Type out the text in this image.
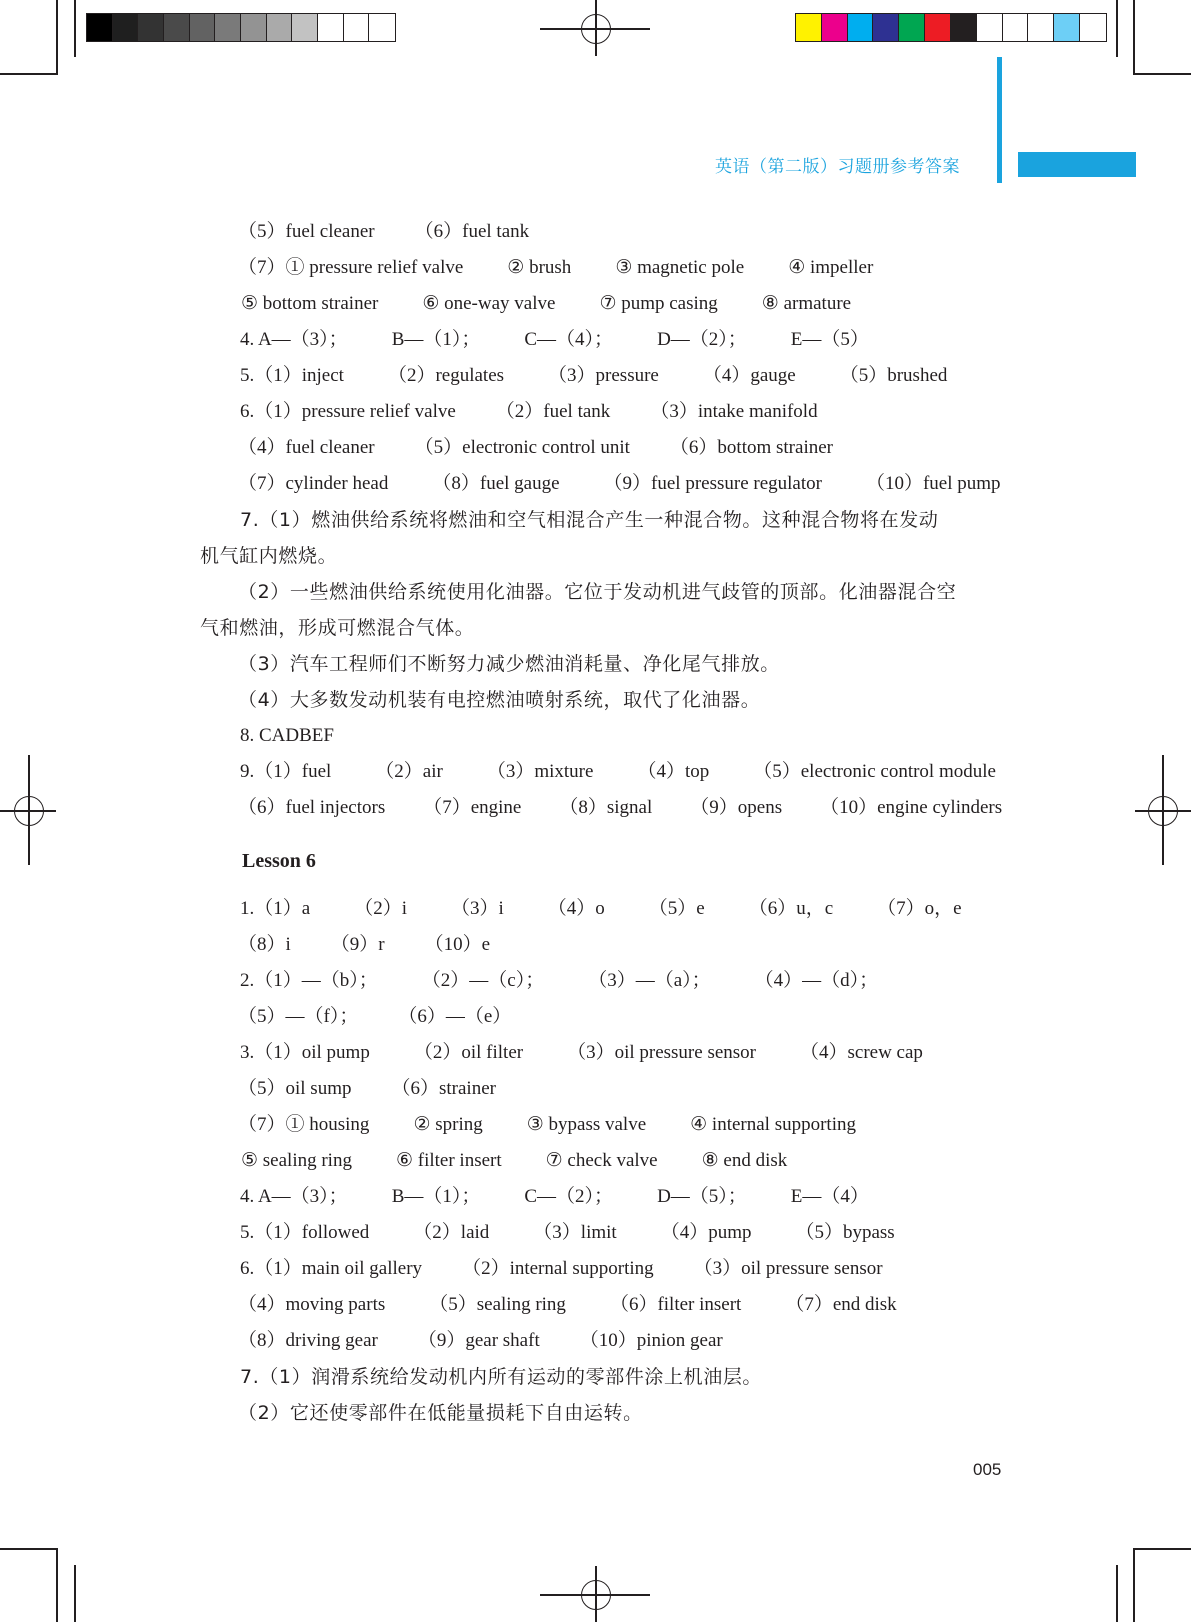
英语（第二版）习题册参考答案
（5）fuel cleaner （6）fuel tank
（7）① pressure relief valve ② brush ③ magnetic pole ④ impeller
⑤ bottom strainer ⑥ one-way valve ⑦ pump casing ⑧ armature
4. A—（3）； B—（1）； C—（4）； D—（2）； E—（5）
5.（1）inject （2）regulates （3）pressure （4）gauge （5）brushed
6.（1）pressure relief valve （2）fuel tank （3）intake manifold
（4）fuel cleaner （5）electronic control unit （6）bottom strainer
（7）cylinder head （8）fuel gauge （9）fuel pressure regulator （10）fuel pump
7.（1）燃油供给系统将燃油和空气相混合产生一种混合物。这种混合物将在发动
机气缸内燃烧。
（2）一些燃油供给系统使用化油器。它位于发动机进气歧管的顶部。化油器混合空
气和燃油，形成可燃混合气体。
（3）汽车工程师们不断努力减少燃油消耗量、净化尾气排放。
（4）大多数发动机装有电控燃油喷射系统，取代了化油器。
8. CADBEF
9.（1）fuel （2）air （3）mixture （4）top （5）electronic control module
（6）fuel injectors （7）engine （8）signal （9）opens （10）engine cylinders
1.（1）a （2）i （3）i （4）o （5）e （6）u，c （7）o，e
（8）i （9）r （10）e
2.（1）—（b）； （2）—（c）； （3）—（a）； （4）—（d）；
（5）—（f）； （6）—（e）
3.（1）oil pump （2）oil filter （3）oil pressure sensor （4）screw cap
（5）oil sump （6）strainer
（7）① housing ② spring ③ bypass valve ④ internal supporting
⑤ sealing ring ⑥ filter insert ⑦ check valve ⑧ end disk
4. A—（3）； B—（1）； C—（2）； D—（5）； E—（4）
5.（1）followed （2）laid （3）limit （4）pump （5）bypass
6.（1）main oil gallery （2）internal supporting （3）oil pressure sensor
（4）moving parts （5）sealing ring （6）filter insert （7）end disk
（8）driving gear （9）gear shaft （10）pinion gear
7.（1）润滑系统给发动机内所有运动的零部件涂上机油层。
（2）它还使零部件在低能量损耗下自由运转。
Lesson 6
005
